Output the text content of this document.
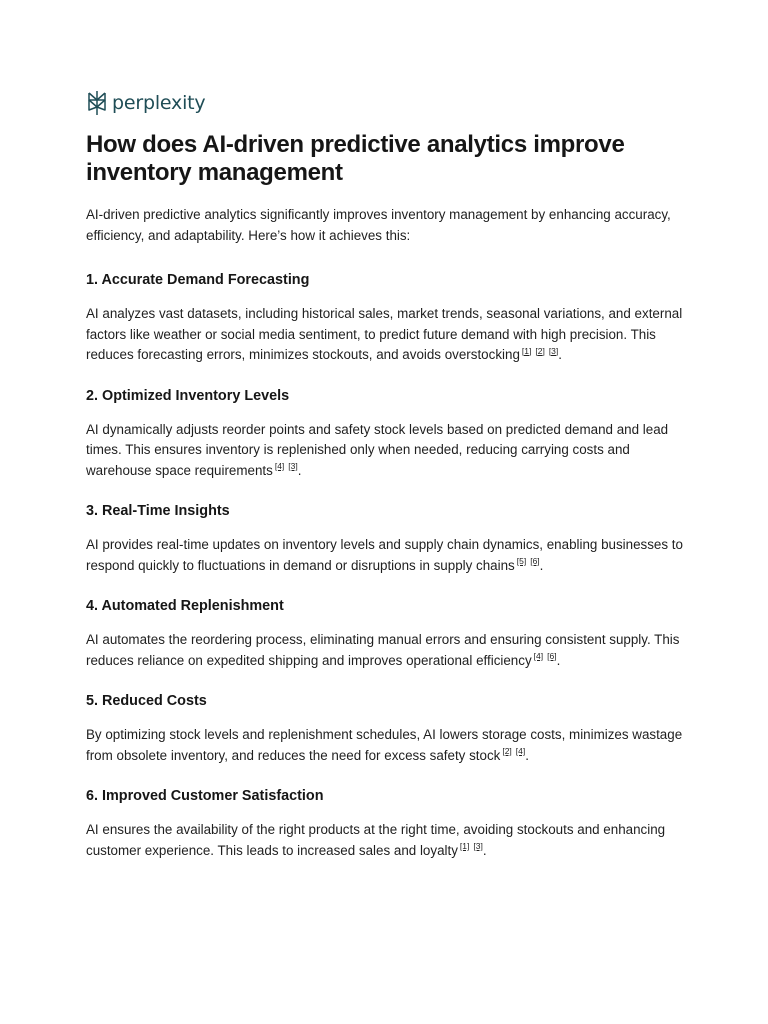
perplexity
How does AI-driven predictive analytics improve inventory management

AI-driven predictive analytics significantly improves inventory management by enhancing accuracy, efficiency, and adaptability. Here’s how it achieves this:

1. Accurate Demand Forecasting

AI analyzes vast datasets, including historical sales, market trends, seasonal variations, and external factors like weather or social media sentiment, to predict future demand with high precision. This reduces forecasting errors, minimizes stockouts, and avoids overstocking [1] [2] [3].

2. Optimized Inventory Levels

AI dynamically adjusts reorder points and safety stock levels based on predicted demand and lead times. This ensures inventory is replenished only when needed, reducing carrying costs and warehouse space requirements [4] [3].

3. Real-Time Insights

AI provides real-time updates on inventory levels and supply chain dynamics, enabling businesses to respond quickly to fluctuations in demand or disruptions in supply chains [5] [6].

4. Automated Replenishment

AI automates the reordering process, eliminating manual errors and ensuring consistent supply. This reduces reliance on expedited shipping and improves operational efficiency [4] [6].

5. Reduced Costs

By optimizing stock levels and replenishment schedules, AI lowers storage costs, minimizes wastage from obsolete inventory, and reduces the need for excess safety stock [2] [4].

6. Improved Customer Satisfaction

AI ensures the availability of the right products at the right time, avoiding stockouts and enhancing customer experience. This leads to increased sales and loyalty [1] [3].
